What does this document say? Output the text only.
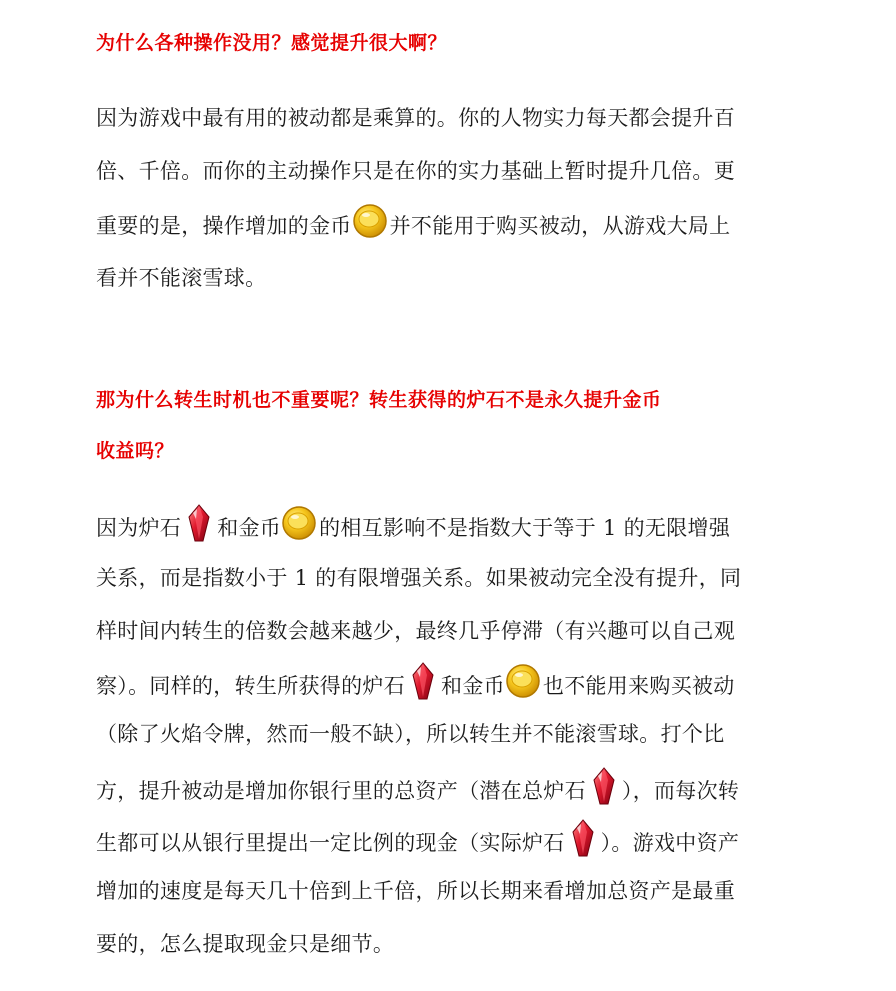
为什么各种操作没用？感觉提升很大啊？
因为游戏中最有用的被动都是乘算的。你的人物实力每天都会提升百
倍、千倍。而你的主动操作只是在你的实力基础上暂时提升几倍。更
重要的是，操作增加的金币 并不能用于购买被动，从游戏大局上
看并不能滚雪球。
那为什么转生时机也不重要呢？转生获得的炉石不是永久提升金币
收益吗？
因为炉石 和金币 的相互影响不是指数大于等于 1 的无限增强
关系，而是指数小于 1 的有限增强关系。如果被动完全没有提升，同
样时间内转生的倍数会越来越少，最终几乎停滞（有兴趣可以自己观
察）。同样的，转生所获得的炉石 和金币 也不能用来购买被动
（除了火焰令牌，然而一般不缺），所以转生并不能滚雪球。打个比
方，提升被动是增加你银行里的总资产（潜在总炉石 ），而每次转
生都可以从银行里提出一定比例的现金（实际炉石 ）。游戏中资产
增加的速度是每天几十倍到上千倍，所以长期来看增加总资产是最重
要的，怎么提取现金只是细节。
